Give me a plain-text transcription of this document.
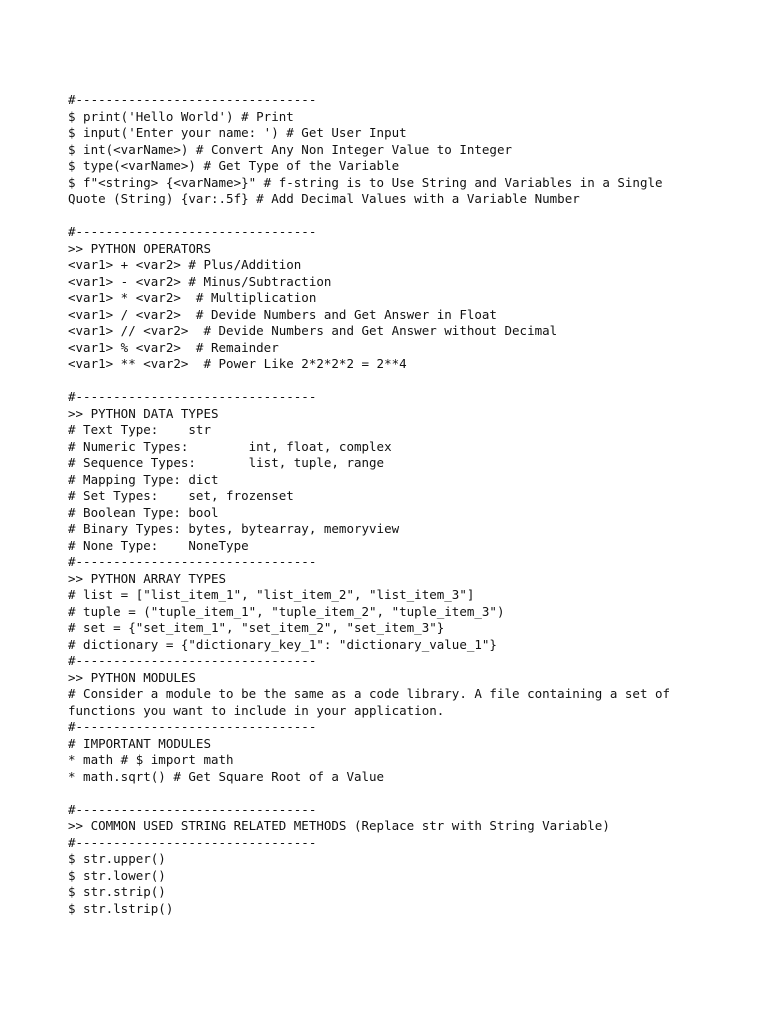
#--------------------------------
$ print('Hello World') # Print
$ input('Enter your name: ') # Get User Input
$ int(<varName>) # Convert Any Non Integer Value to Integer
$ type(<varName>) # Get Type of the Variable
$ f"<string> {<varName>}" # f-string is to Use String and Variables in a Single
Quote (String) {var:.5f} # Add Decimal Values with a Variable Number
#--------------------------------
>> PYTHON OPERATORS
<var1> + <var2> # Plus/Addition
<var1> - <var2> # Minus/Subtraction
<var1> * <var2>  # Multiplication
<var1> / <var2>  # Devide Numbers and Get Answer in Float
<var1> // <var2>  # Devide Numbers and Get Answer without Decimal
<var1> % <var2>  # Remainder
<var1> ** <var2>  # Power Like 2*2*2*2 = 2**4
#--------------------------------
>> PYTHON DATA TYPES
# Text Type:    str
# Numeric Types:        int, float, complex
# Sequence Types:       list, tuple, range
# Mapping Type: dict
# Set Types:    set, frozenset
# Boolean Type: bool
# Binary Types: bytes, bytearray, memoryview
# None Type:    NoneType
#--------------------------------
>> PYTHON ARRAY TYPES
# list = ["list_item_1", "list_item_2", "list_item_3"]
# tuple = ("tuple_item_1", "tuple_item_2", "tuple_item_3")
# set = {"set_item_1", "set_item_2", "set_item_3"}
# dictionary = {"dictionary_key_1": "dictionary_value_1"}
#--------------------------------
>> PYTHON MODULES
# Consider a module to be the same as a code library. A file containing a set of
functions you want to include in your application.
#--------------------------------
# IMPORTANT MODULES
* math # $ import math
* math.sqrt() # Get Square Root of a Value
#--------------------------------
>> COMMON USED STRING RELATED METHODS (Replace str with String Variable)
#--------------------------------
$ str.upper()
$ str.lower()
$ str.strip()
$ str.lstrip()
